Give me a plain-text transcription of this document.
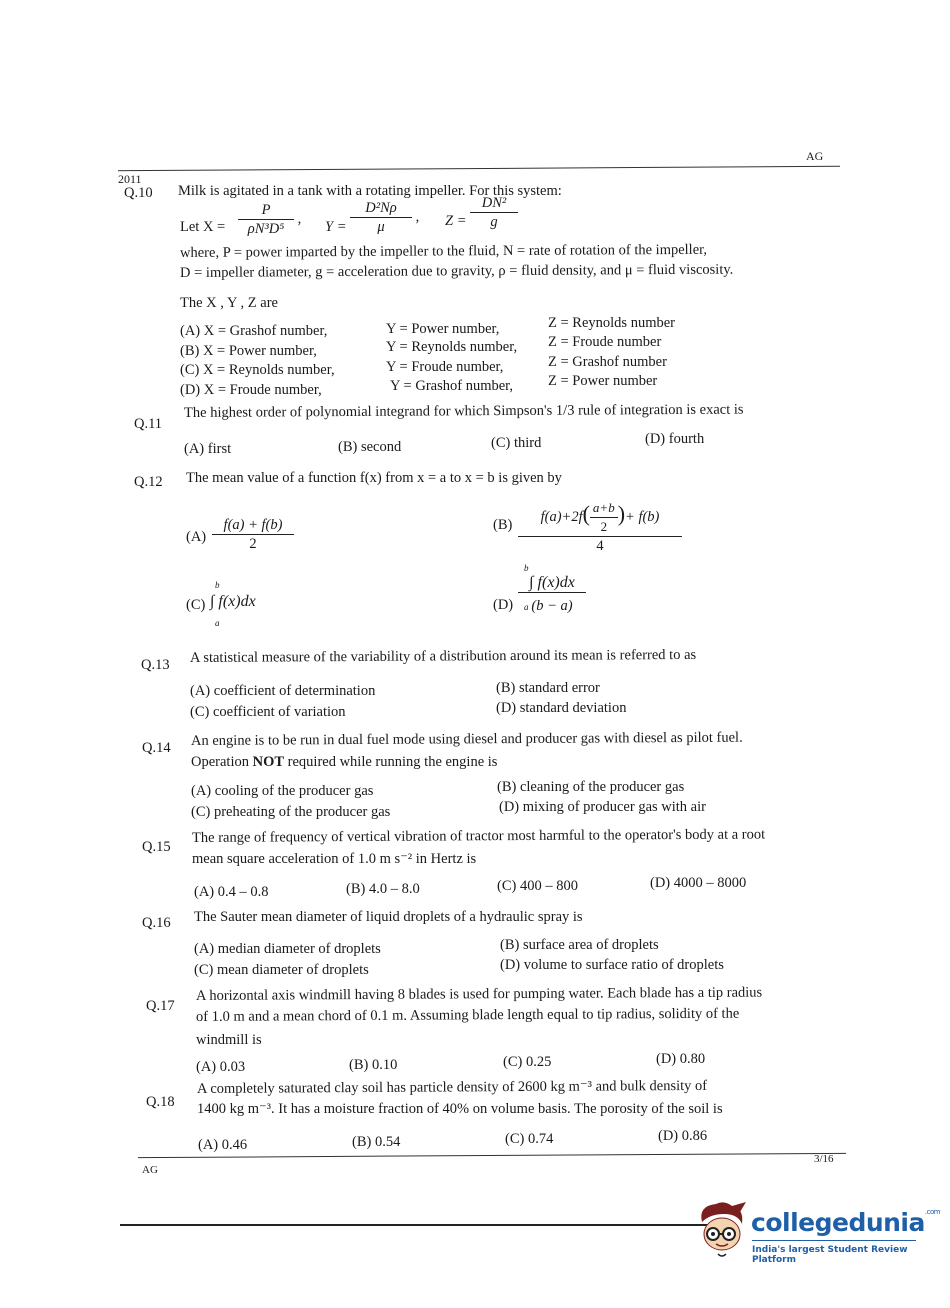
AG
2011
Q.10 Milk is agitated in a tank with a rotating impeller. For this system:
Let $X = \frac{P}{\text{ρN³D⁵}}$ ,
$Y = \frac{\text{D²Nρ}}{\mu}$ , $Z = \frac{\text{DN²}}{g}$
where, P = power imparted by the impeller to the fluid, N = rate of rotation of the impeller,
D = impeller diameter, g = acceleration due to gravity, ρ = fluid density, and μ = fluid viscosity.
The X , Y , Z are
(A) X = Grashof number,	Y = Power number,	Z = Reynolds number
(B) X = Power number,	Y = Reynolds number, Z = Froude number
(C) X = Reynolds number,	Y = Froude number,	Z = Grashof number
(D) X = Froude number,	Y = Grashof number, Z = Power number
Q.11
The highest order of polynomial integrand for which Simpson's 1/3 rule of integration is exact is
(A) first	(B) second	(C) third	(D) fourth
Q.12 The mean value of a function f(x) from x = a to x = b is given by
$(A) \frac{f(a) + f(b)}{2}$	$(B) \frac{f(a)+2f( \frac{a+b}{2} )+ f(b)}{4}$
(C)
b
∫ f(x)dx
a
(D)
b
a
$\frac{\int f(x)dx}{(b - a)}$
Q.13 A statistical measure of the variability of a distribution around its mean is referred to as
(A) coefficient of determination	(B) standard error
(C) coefficient of variation	(D) standard deviation
Q.14 An engine is to be run in dual fuel mode using diesel and producer gas with diesel as pilot fuel.
Operation NOT required while running the engine is
(A) cooling of the producer gas	(B) cleaning of the producer gas
(C) preheating of the producer gas	(D) mixing of producer gas with air
Q.15
The range of frequency of vertical vibration of tractor most harmful to the operator's body at a root
mean square acceleration of 1.0 m s⁻² in Hertz is
(A) 0.4 – 0.8	(B) 4.0 – 8.0	(C) 400 – 800	(D) 4000 – 8000
Q.16 The Sauter mean diameter of liquid droplets of a hydraulic spray is
(A) median diameter of droplets	(B) surface area of droplets
(C) mean diameter of droplets	(D) volume to surface ratio of droplets
Q.17
A horizontal axis windmill having 8 blades is used for pumping water. Each blade has a tip radius
of 1.0 m and a mean chord of 0.1 m. Assuming blade length equal to tip radius, solidity of the
windmill is
(A) 0.03	(B) 0.10	(C) 0.25	(D) 0.80
Q.18
A completely saturated clay soil has particle density of 2600 kg m⁻³ and bulk density of
1400 kg m⁻³. It has a moisture fraction of 40% on volume basis. The porosity of the soil is
(A) 0.46	(B) 0.54	(C) 0.74	(D) 0.86
3/16
AG
collegedunia$^{.com}$
India's largest Student Review Platform
